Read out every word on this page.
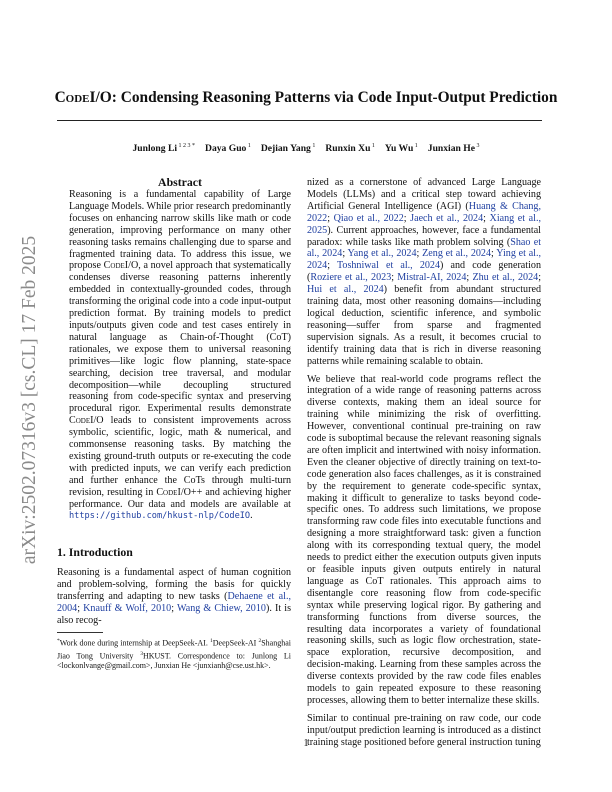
arXiv:2502.07316v3 [cs.CL] 17 Feb 2025
CodeI/O: Condensing Reasoning Patterns via Code Input-Output Prediction
Junlong Li $^{1 2 3 *}$ Daya Guo $^1$ Dejian Yang $^1$ Runxin Xu $^1$ Yu Wu $^1$ Junxian He $^3$
Abstract
Reasoning is a fundamental capability of Large Language Models. While prior research predominantly focuses on enhancing narrow skills like math or code generation, improving performance on many other reasoning tasks remains challenging due to sparse and fragmented training data. To address this issue, we propose CodeI/O, a novel approach that systematically condenses diverse reasoning patterns inherently embedded in contextually-grounded codes, through transforming the original code into a code input-output prediction format. By training models to predict inputs/outputs given code and test cases entirely in natural language as Chain-of-Thought (CoT) rationales, we expose them to universal reasoning primitives—like logic flow planning, state-space searching, decision tree traversal, and modular decomposition—while decoupling structured reasoning from code-specific syntax and preserving procedural rigor. Experimental results demonstrate CodeI/O leads to consistent improvements across symbolic, scientific, logic, math & numerical, and commonsense reasoning tasks. By matching the existing ground-truth outputs or re-executing the code with predicted inputs, we can verify each prediction and further enhance the CoTs through multi-turn revision, resulting in CodeI/O++ and achieving higher performance. Our data and models are available at https://github.com/hkust-nlp/CodeIO.
1. Introduction
Reasoning is a fundamental aspect of human cognition and problem-solving, forming the basis for quickly transferring and adapting to new tasks (Dehaene et al., 2004; Knauff & Wolf, 2010; Wang & Chiew, 2010). It is also recog-
*Work done during internship at DeepSeek-AI. $^1$DeepSeek-AI $^2$Shanghai Jiao Tong University $^3$HKUST. Correspondence to: Junlong Li <lockonlvange@gmail.com>, Junxian He <junxianh@cse.ust.hk>.
nized as a cornerstone of advanced Large Language Models (LLMs) and a critical step toward achieving Artificial General Intelligence (AGI) (Huang & Chang, 2022; Qiao et al., 2022; Jaech et al., 2024; Xiang et al., 2025). Current approaches, however, face a fundamental paradox: while tasks like math problem solving (Shao et al., 2024; Yang et al., 2024; Zeng et al., 2024; Ying et al., 2024; Toshniwal et al., 2024) and code generation (Roziere et al., 2023; Mistral-AI, 2024; Zhu et al., 2024; Hui et al., 2024) benefit from abundant structured training data, most other reasoning domains—including logical deduction, scientific inference, and symbolic reasoning—suffer from sparse and fragmented supervision signals. As a result, it becomes crucial to identify training data that is rich in diverse reasoning patterns while remaining scalable to obtain.
We believe that real-world code programs reflect the integration of a wide range of reasoning patterns across diverse contexts, making them an ideal source for training while minimizing the risk of overfitting. However, conventional continual pre-training on raw code is suboptimal because the relevant reasoning signals are often implicit and intertwined with noisy information. Even the cleaner objective of directly training on text-to-code generation also faces challenges, as it is constrained by the requirement to generate code-specific syntax, making it difficult to generalize to tasks beyond code-specific ones. To address such limitations, we propose transforming raw code files into executable functions and designing a more straightforward task: given a function along with its corresponding textual query, the model needs to predict either the execution outputs given inputs or feasible inputs given outputs entirely in natural language as CoT rationales. This approach aims to disentangle core reasoning flow from code-specific syntax while preserving logical rigor. By gathering and transforming functions from diverse sources, the resulting data incorporates a variety of foundational reasoning skills, such as logic flow orchestration, state-space exploration, recursive decomposition, and decision-making. Learning from these samples across the diverse contexts provided by the raw code files enables models to gain repeated exposure to these reasoning processes, allowing them to better internalize these skills.
Similar to continual pre-training on raw code, our code input/output prediction learning is introduced as a distinct training stage positioned before general instruction tuning
1
